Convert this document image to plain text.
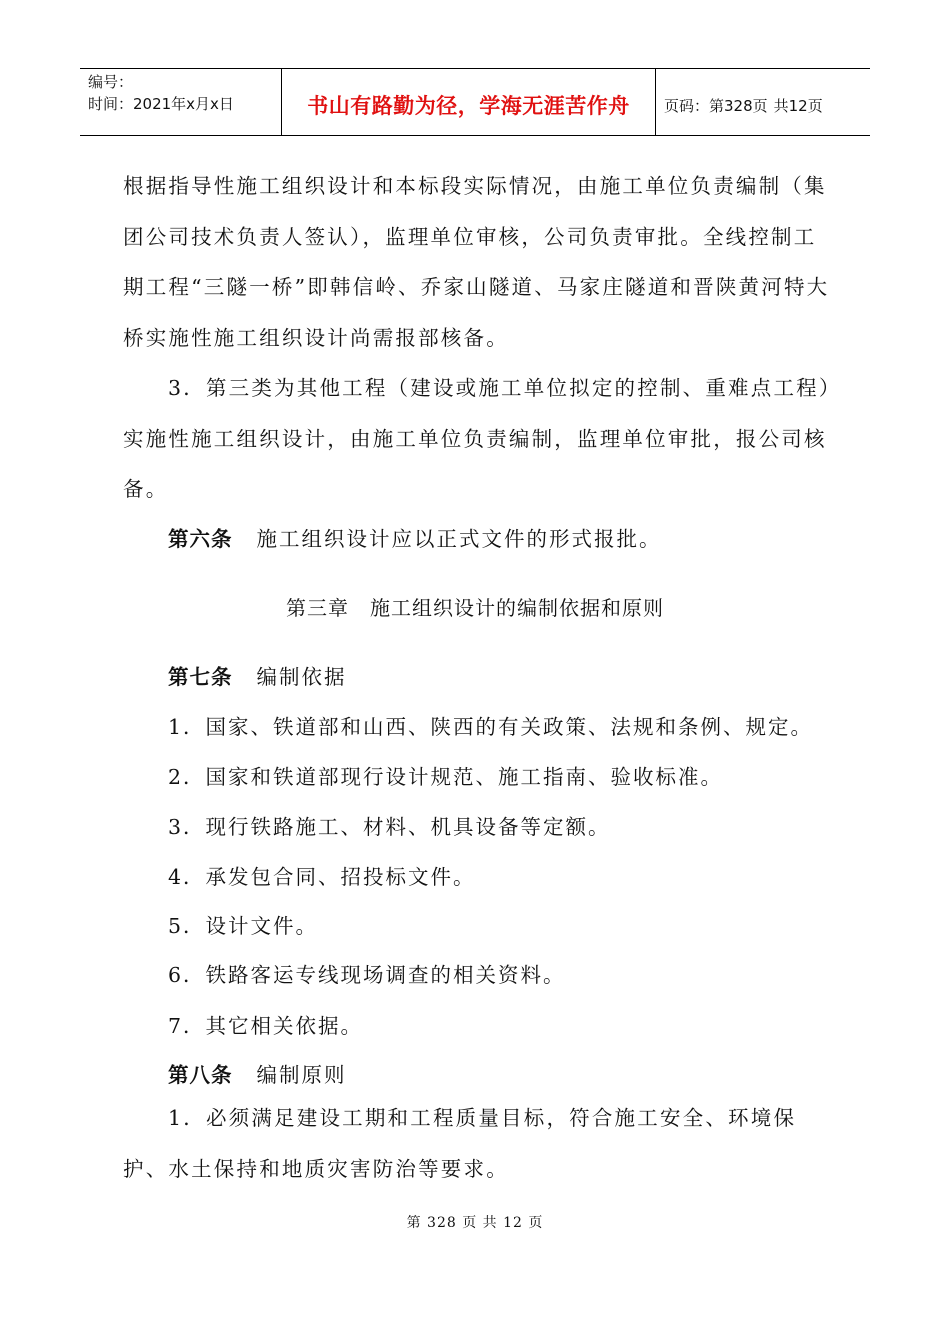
编号：
时间：2021年x月x日	书山有路勤为径，学海无涯苦作舟	页码：第328页 共12页

根据指导性施工组织设计和本标段实际情况，由施工单位负责编制（集团公司技术负责人签认），监理单位审核，公司负责审批。全线控制工期工程“三隧一桥”即韩信岭、乔家山隧道、马家庄隧道和晋陕黄河特大桥实施性施工组织设计尚需报部核备。

3．第三类为其他工程（建设或施工单位拟定的控制、重难点工程）实施性施工组织设计，由施工单位负责编制，监理单位审批，报公司核备。

第六条 施工组织设计应以正式文件的形式报批。
第三章　施工组织设计的编制依据和原则
第七条 编制依据
1．国家、铁道部和山西、陕西的有关政策、法规和条例、规定。
2．国家和铁道部现行设计规范、施工指南、验收标准。
3．现行铁路施工、材料、机具设备等定额。
4．承发包合同、招投标文件。
5．设计文件。
6．铁路客运专线现场调查的相关资料。
7．其它相关依据。
第八条 编制原则

1．必须满足建设工期和工程质量目标，符合施工安全、环境保护、水土保持和地质灾害防治等要求。

第 328 页 共 12 页
